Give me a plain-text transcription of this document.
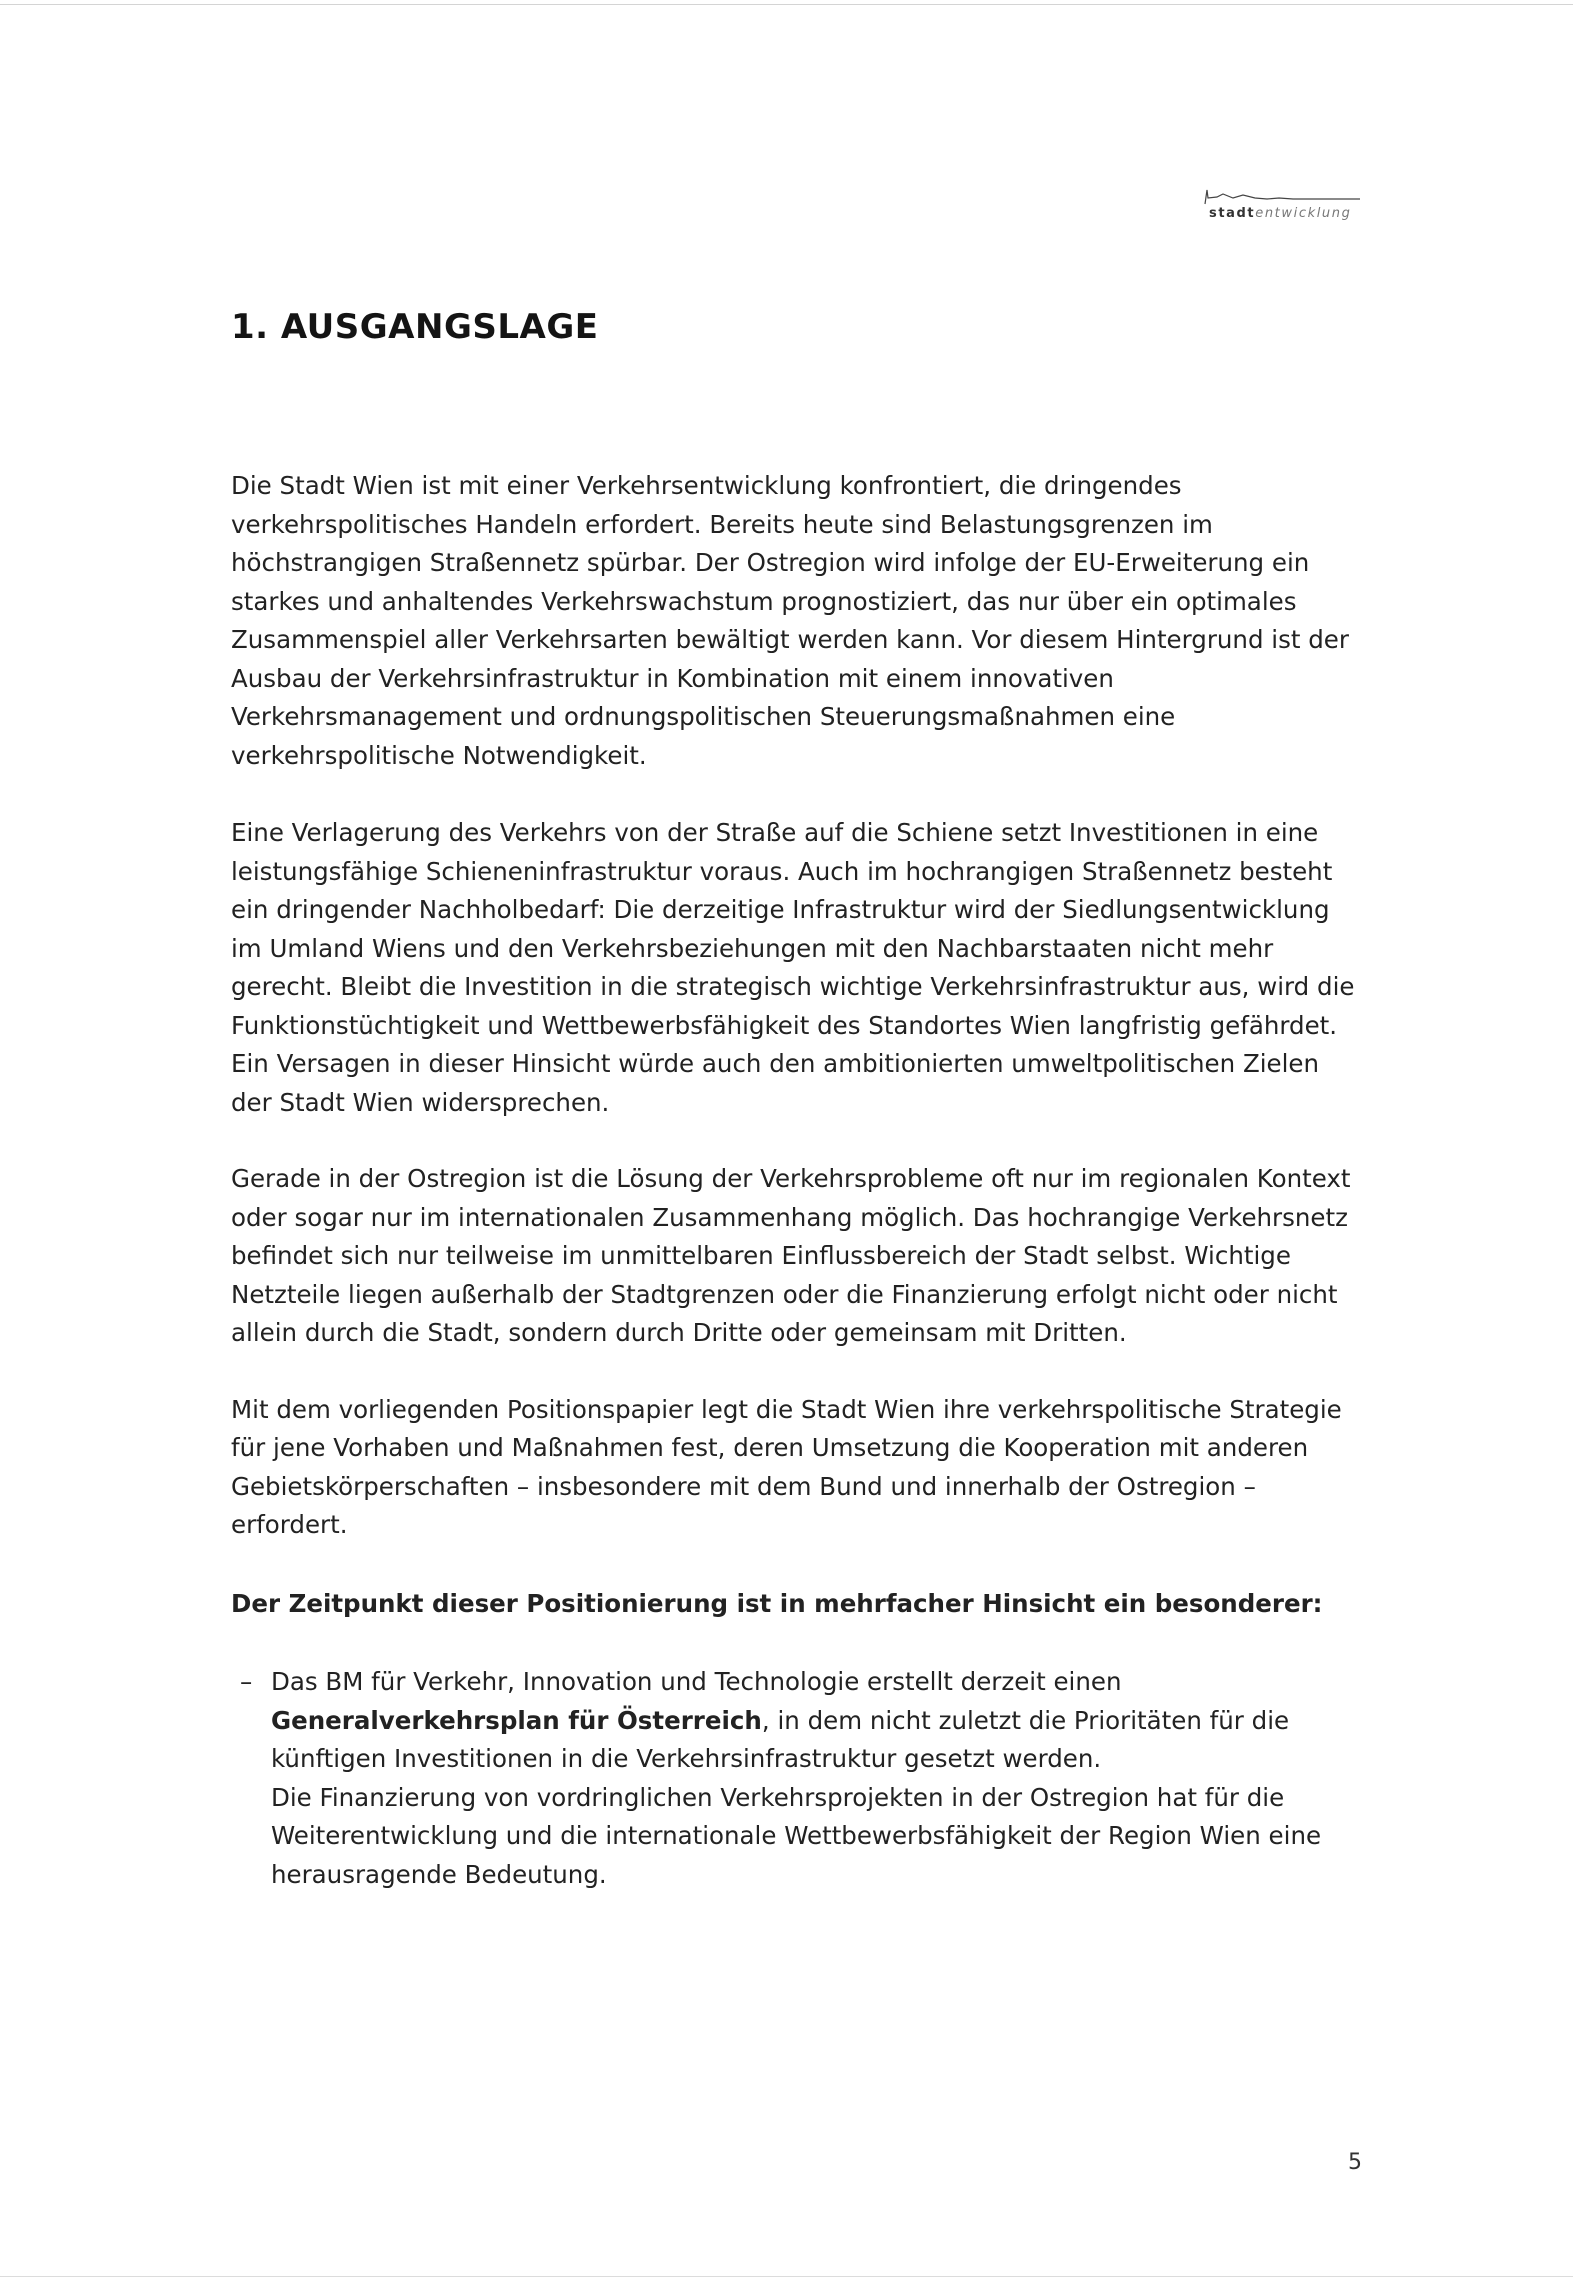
stadtentwicklung
1. AUSGANGSLAGE

Die Stadt Wien ist mit einer Verkehrsentwicklung konfrontiert, die dringendes verkehrspolitisches Handeln erfordert. Bereits heute sind Belastungsgrenzen im höchstrangigen Straßennetz spürbar. Der Ostregion wird infolge der EU-Erweiterung ein starkes und anhaltendes Verkehrswachstum prognostiziert, das nur über ein optimales Zusammenspiel aller Verkehrsarten bewältigt werden kann. Vor diesem Hintergrund ist der Ausbau der Verkehrsinfrastruktur in Kombination mit einem innovativen Verkehrsmanagement und ordnungspolitischen Steuerungsmaßnahmen eine verkehrspolitische Notwendigkeit.

Eine Verlagerung des Verkehrs von der Straße auf die Schiene setzt Investitionen in eine leistungsfähige Schieneninfrastruktur voraus. Auch im hochrangigen Straßennetz besteht ein dringender Nachholbedarf: Die derzeitige Infrastruktur wird der Siedlungsentwicklung im Umland Wiens und den Verkehrsbeziehungen mit den Nachbarstaaten nicht mehr gerecht. Bleibt die Investition in die strategisch wichtige Verkehrsinfrastruktur aus, wird die Funktionstüchtigkeit und Wettbewerbsfähigkeit des Standortes Wien langfristig gefährdet.

Ein Versagen in dieser Hinsicht würde auch den ambitionierten umweltpolitischen Zielen der Stadt Wien widersprechen.

Gerade in der Ostregion ist die Lösung der Verkehrsprobleme oft nur im regionalen Kontext oder sogar nur im internationalen Zusammenhang möglich. Das hochrangige Verkehrsnetz befindet sich nur teilweise im unmittelbaren Einflussbereich der Stadt selbst. Wichtige Netzteile liegen außerhalb der Stadtgrenzen oder die Finanzierung erfolgt nicht oder nicht allein durch die Stadt, sondern durch Dritte oder gemeinsam mit Dritten.

Mit dem vorliegenden Positionspapier legt die Stadt Wien ihre verkehrspolitische Strategie für jene Vorhaben und Maßnahmen fest, deren Umsetzung die Kooperation mit anderen Gebietskörperschaften – insbesondere mit dem Bund und innerhalb der Ostregion – erfordert.

Der Zeitpunkt dieser Positionierung ist in mehrfacher Hinsicht ein besonderer:

– Das BM für Verkehr, Innovation und Technologie erstellt derzeit einen Generalverkehrsplan für Österreich, in dem nicht zuletzt die Prioritäten für die künftigen Investitionen in die Verkehrsinfrastruktur gesetzt werden.
Die Finanzierung von vordringlichen Verkehrsprojekten in der Ostregion hat für die Weiterentwicklung und die internationale Wettbewerbsfähigkeit der Region Wien eine herausragende Bedeutung.
5
